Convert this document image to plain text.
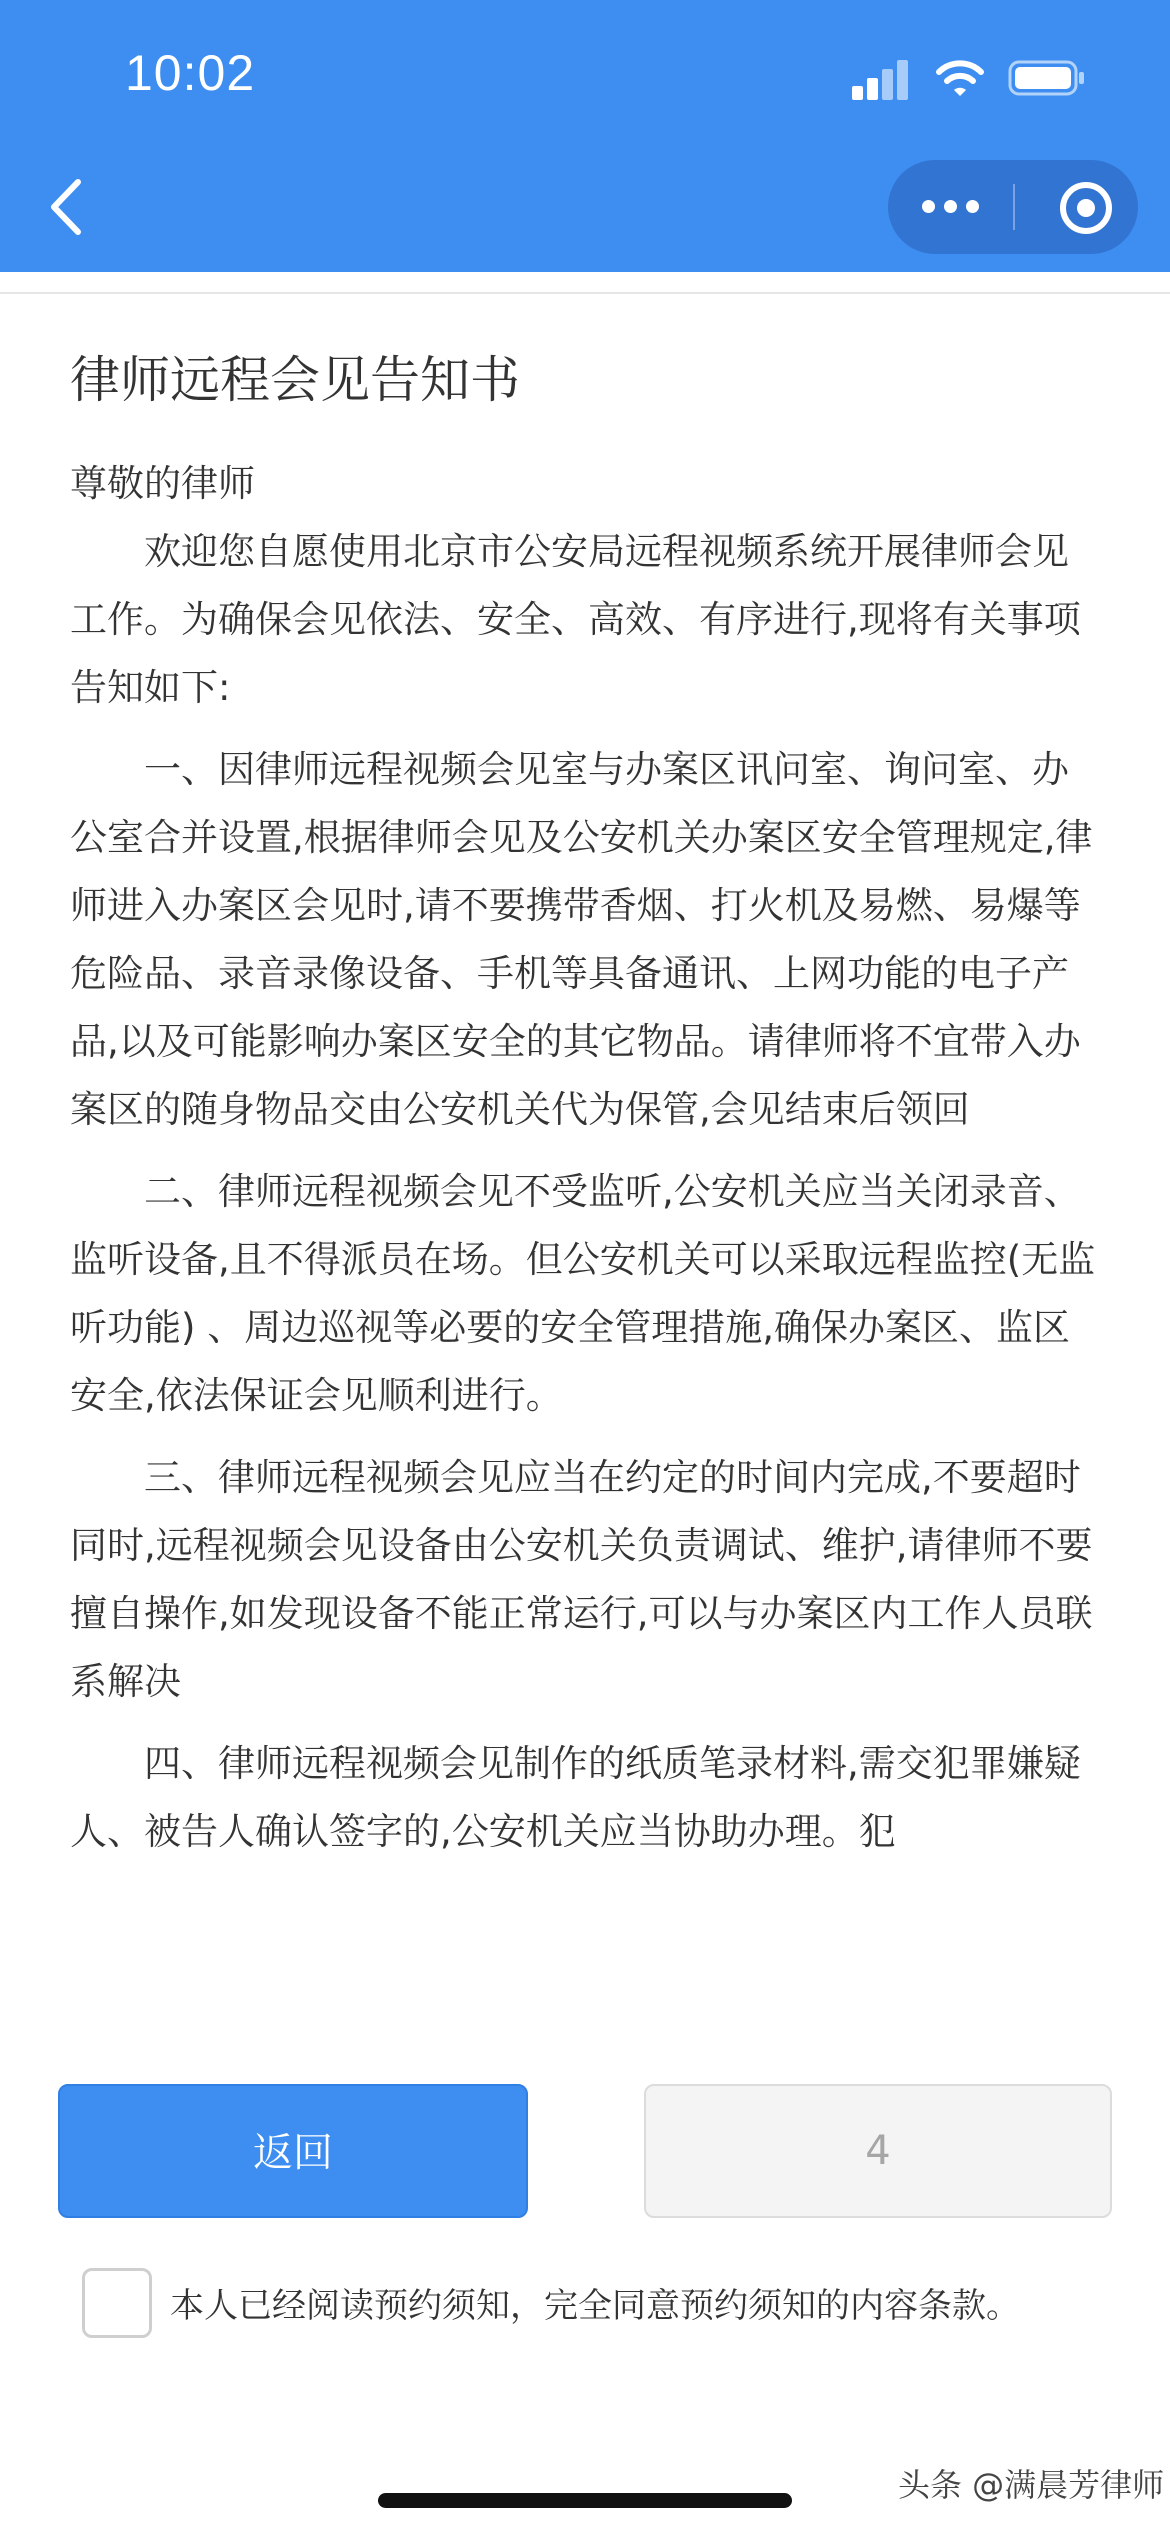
10:02
律师远程会见告知书

尊敬的律师

欢迎您自愿使用北京市公安局远程视频系统开展律师会见工作。为确保会见依法、安全、高效、有序进行,现将有关事项告知如下:

一、因律师远程视频会见室与办案区讯问室、询问室、办公室合并设置,根据律师会见及公安机关办案区安全管理规定,律师进入办案区会见时,请不要携带香烟、打火机及易燃、易爆等危险品、录音录像设备、手机等具备通讯、上网功能的电子产品,以及可能影响办案区安全的其它物品。请律师将不宜带入办案区的随身物品交由公安机关代为保管,会见结束后领回

二、律师远程视频会见不受监听,公安机关应当关闭录音、监听设备,且不得派员在场。但公安机关可以采取远程监控(无监听功能) 、周边巡视等必要的安全管理措施,确保办案区、监区安全,依法保证会见顺利进行。

三、律师远程视频会见应当在约定的时间内完成,不要超时同时,远程视频会见设备由公安机关负责调试、维护,请律师不要擅自操作,如发现设备不能正常运行,可以与办案区内工作人员联系解决

四、律师远程视频会见制作的纸质笔录材料,需交犯罪嫌疑人、被告人确认签字的,公安机关应当协助办理。犯

返回	4
本人已经阅读预约须知，完全同意预约须知的内容条款。
头条 @满晨芳律师
